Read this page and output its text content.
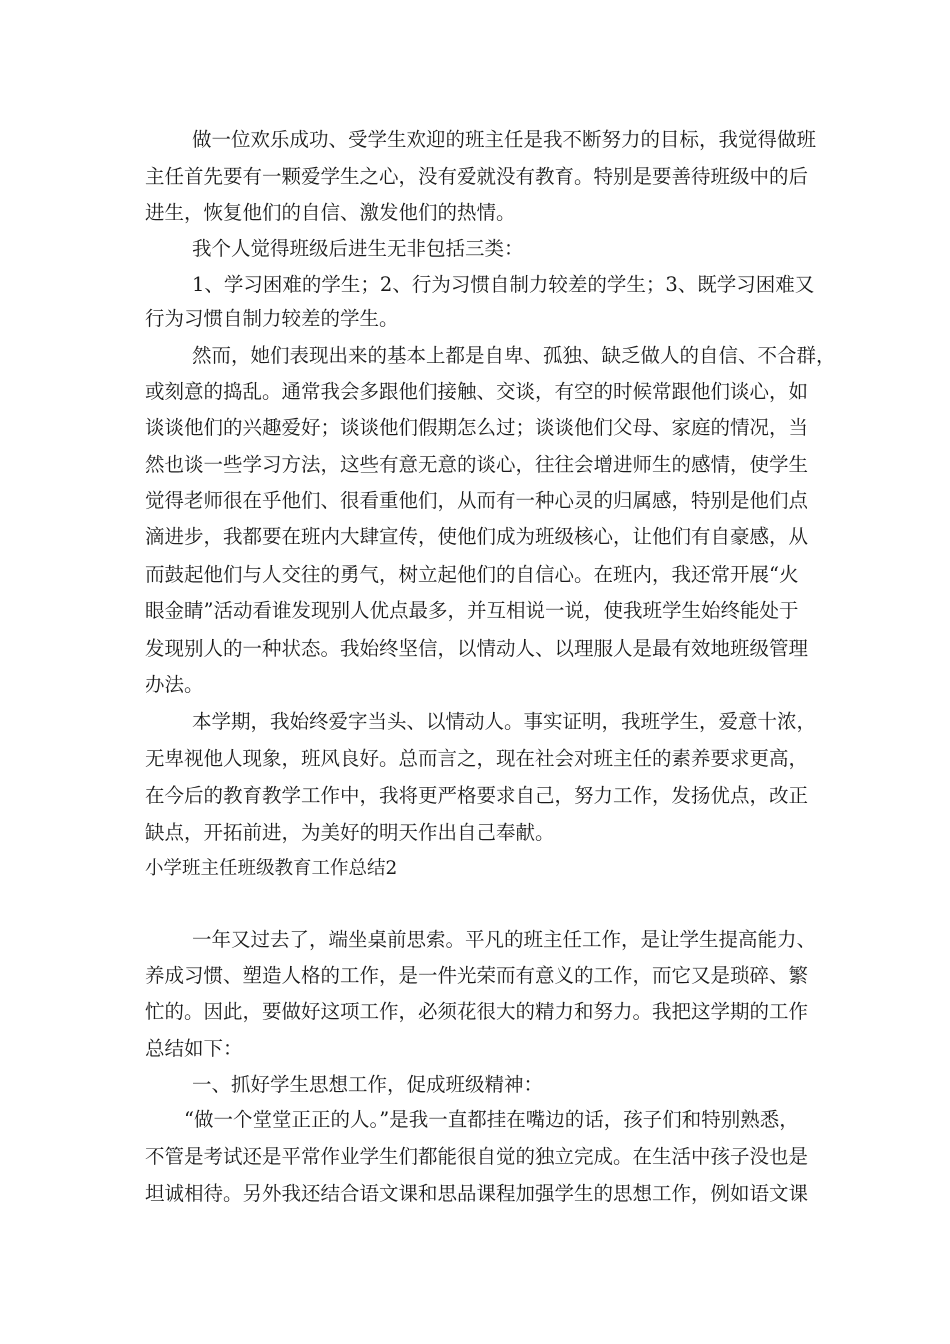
做一位欢乐成功、受学生欢迎的班主任是我不断努力的目标，我觉得做班
主任首先要有一颗爱学生之心，没有爱就没有教育。特别是要善待班级中的后
进生，恢复他们的自信、激发他们的热情。
我个人觉得班级后进生无非包括三类：
1、学习困难的学生；2、行为习惯自制力较差的学生；3、既学习困难又
行为习惯自制力较差的学生。
然而，她们表现出来的基本上都是自卑、孤独、缺乏做人的自信、不合群，
或刻意的捣乱。通常我会多跟他们接触、交谈，有空的时候常跟他们谈心，如
谈谈他们的兴趣爱好；谈谈他们假期怎么过；谈谈他们父母、家庭的情况，当
然也谈一些学习方法，这些有意无意的谈心，往往会增进师生的感情，使学生
觉得老师很在乎他们、很看重他们，从而有一种心灵的归属感，特别是他们点
滴进步，我都要在班内大肆宣传，使他们成为班级核心，让他们有自豪感，从
而鼓起他们与人交往的勇气，树立起他们的自信心。在班内，我还常开展“火
眼金睛”活动看谁发现别人优点最多，并互相说一说，使我班学生始终能处于
发现别人的一种状态。我始终坚信，以情动人、以理服人是最有效地班级管理
办法。
本学期，我始终爱字当头、以情动人。事实证明，我班学生，爱意十浓，
无卑视他人现象，班风良好。总而言之，现在社会对班主任的素养要求更高，
在今后的教育教学工作中，我将更严格要求自己，努力工作，发扬优点，改正
缺点，开拓前进，为美好的明天作出自己奉献。
小学班主任班级教育工作总结2
一年又过去了，端坐桌前思索。平凡的班主任工作，是让学生提高能力、
养成习惯、塑造人格的工作，是一件光荣而有意义的工作，而它又是琐碎、繁
忙的。因此，要做好这项工作，必须花很大的精力和努力。我把这学期的工作
总结如下：
一、抓好学生思想工作，促成班级精神：
“做一个堂堂正正的人。”是我一直都挂在嘴边的话，孩子们和特别熟悉，
不管是考试还是平常作业学生们都能很自觉的独立完成。在生活中孩子没也是
坦诚相待。另外我还结合语文课和思品课程加强学生的思想工作，例如语文课
